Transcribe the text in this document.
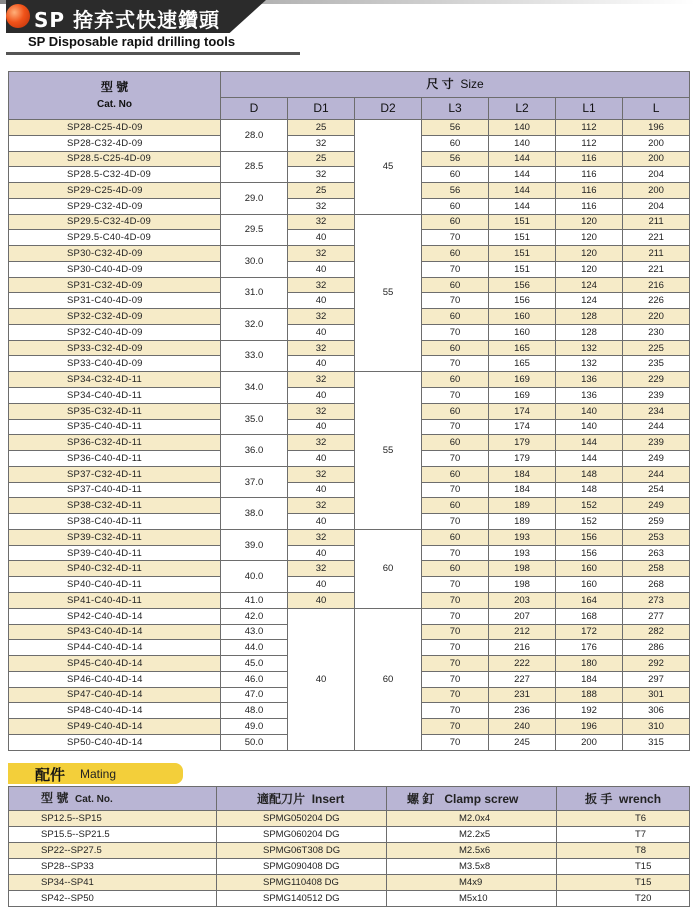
SP 捨弃式快速鑽頭
SP Disposable rapid drilling tools
型 號
Cat. No	尺 寸 Size						
	D	D1	D2	L3	L2	L1	L
SP28-C25-4D-09	28.0	25	45	56	140	112	196
SP28-C32-4D-09		32		60	140	112	200
SP28.5-C25-4D-09	28.5	25		56	144	116	200
SP28.5-C32-4D-09		32		60	144	116	204
SP29-C25-4D-09	29.0	25		56	144	116	200
SP29-C32-4D-09		32		60	144	116	204
SP29.5-C32-4D-09	29.5	32	55	60	151	120	211
SP29.5-C40-4D-09		40		70	151	120	221
SP30-C32-4D-09	30.0	32		60	151	120	211
SP30-C40-4D-09		40		70	151	120	221
SP31-C32-4D-09	31.0	32		60	156	124	216
SP31-C40-4D-09		40		70	156	124	226
SP32-C32-4D-09	32.0	32		60	160	128	220
SP32-C40-4D-09		40		70	160	128	230
SP33-C32-4D-09	33.0	32		60	165	132	225
SP33-C40-4D-09		40		70	165	132	235
SP34-C32-4D-11	34.0	32	55	60	169	136	229
SP34-C40-4D-11		40		70	169	136	239
SP35-C32-4D-11	35.0	32		60	174	140	234
SP35-C40-4D-11		40		70	174	140	244
SP36-C32-4D-11	36.0	32		60	179	144	239
SP36-C40-4D-11		40		70	179	144	249
SP37-C32-4D-11	37.0	32		60	184	148	244
SP37-C40-4D-11		40		70	184	148	254
SP38-C32-4D-11	38.0	32		60	189	152	249
SP38-C40-4D-11		40		70	189	152	259
SP39-C32-4D-11	39.0	32	60	60	193	156	253
SP39-C40-4D-11		40		70	193	156	263
SP40-C32-4D-11	40.0	32		60	198	160	258
SP40-C40-4D-11		40		70	198	160	268
SP41-C40-4D-11	41.0	40		70	203	164	273
SP42-C40-4D-14	42.0	40	60	70	207	168	277
SP43-C40-4D-14	43.0			70	212	172	282
SP44-C40-4D-14	44.0			70	216	176	286
SP45-C40-4D-14	45.0			70	222	180	292
SP46-C40-4D-14	46.0			70	227	184	297
SP47-C40-4D-14	47.0			70	231	188	301
SP48-C40-4D-14	48.0			70	236	192	306
SP49-C40-4D-14	49.0			70	240	196	310
SP50-C40-4D-14	50.0			70	245	200	315
配件 Mating
型 號 Cat. No.	適配刀片 Insert	螺 釘 Clamp screw	扳 手 wrench
SP12.5--SP15	SPMG050204 DG	M2.0x4	T6
SP15.5--SP21.5	SPMG060204 DG	M2.2x5	T7
SP22--SP27.5	SPMG06T308 DG	M2.5x6	T8
SP28--SP33	SPMG090408 DG	M3.5x8	T15
SP34--SP41	SPMG110408 DG	M4x9	T15
SP42--SP50	SPMG140512 DG	M5x10	T20
